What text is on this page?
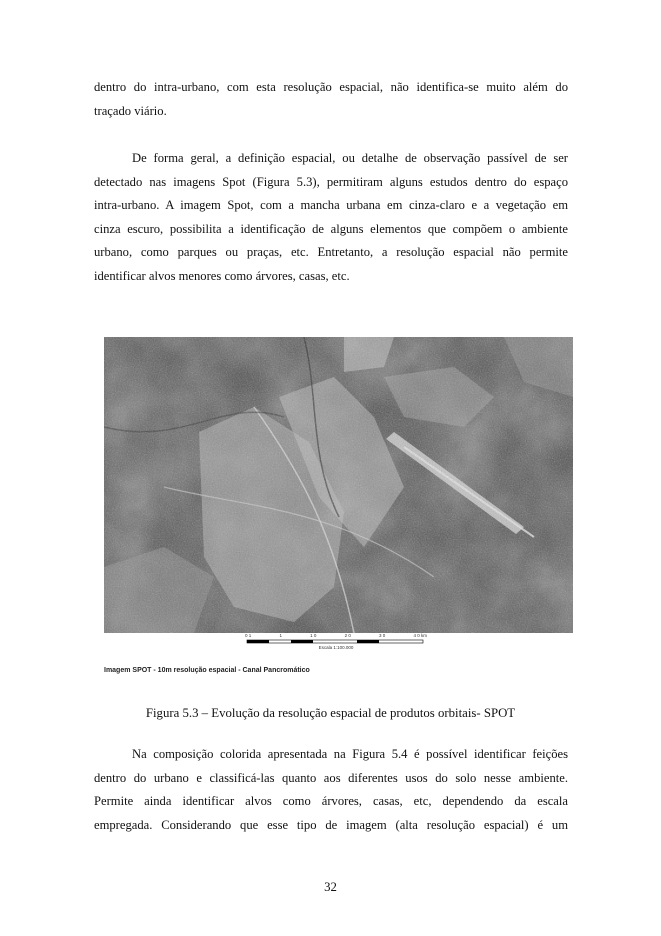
dentro do intra-urbano, com esta resolução espacial, não identifica-se muito além do
traçado viário.
De forma geral, a definição espacial, ou detalhe de observação passível de ser
detectado nas imagens Spot (Figura 5.3), permitiram alguns estudos dentro do espaço
intra-urbano. A imagem Spot, com a mancha urbana em cinza-claro e a vegetação em
cinza escuro, possibilita a identificação de alguns elementos que compõem o ambiente
urbano, como parques ou praças, etc. Entretanto, a resolução espacial não permite
identificar alvos menores como árvores, casas, etc.
0 1	1	1 0	2 0	3 0	4 0 km
Escala 1:100.000
Imagem SPOT - 10m resolução espacial - Canal Pancromático
Figura 5.3 – Evolução da resolução espacial de produtos orbitais- SPOT
Na composição colorida apresentada na Figura 5.4 é possível identificar feições
dentro do urbano e classificá-las quanto aos diferentes usos do solo nesse ambiente.
Permite ainda identificar alvos como árvores, casas, etc, dependendo da escala
empregada. Considerando que esse tipo de imagem (alta resolução espacial) é um
32
